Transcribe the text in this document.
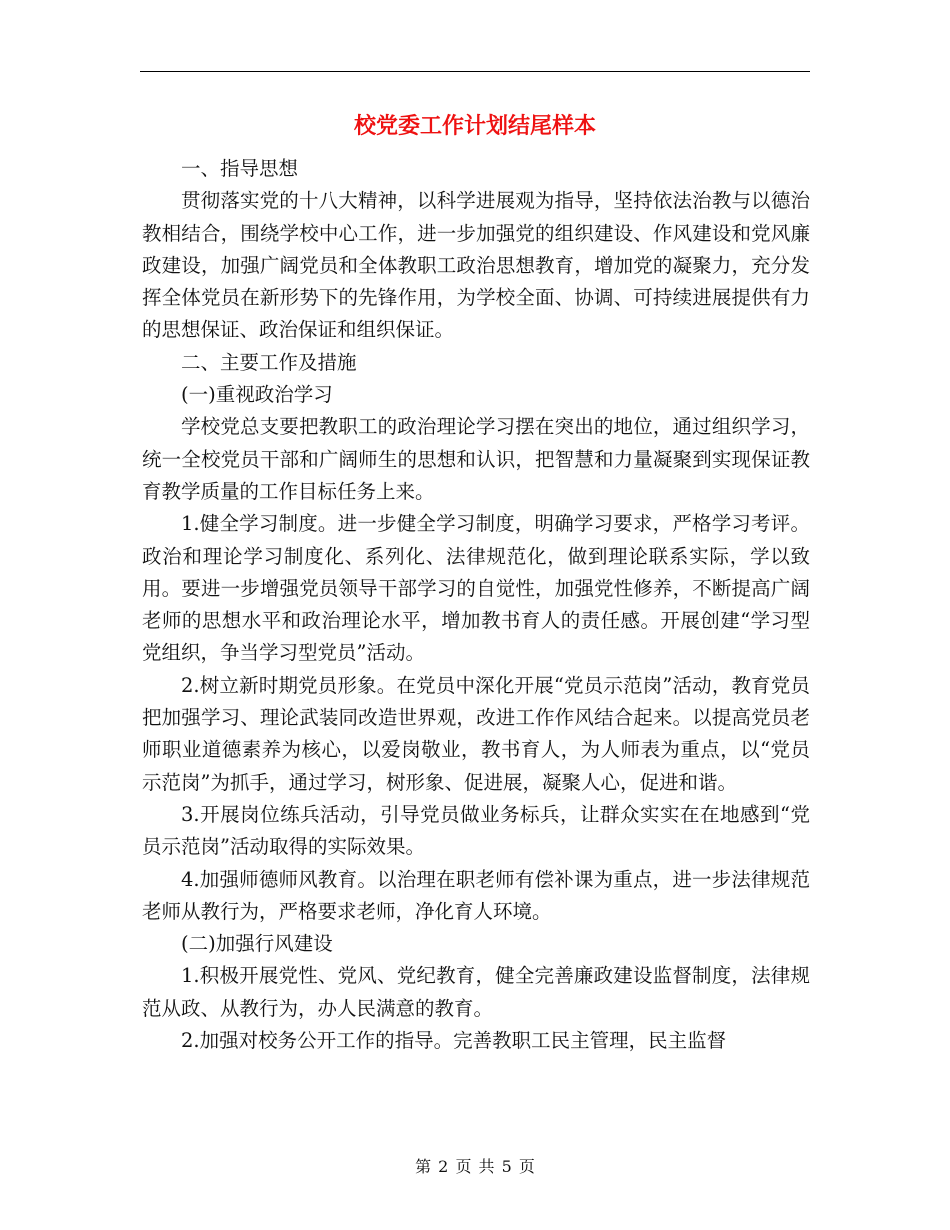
校党委工作计划结尾样本

一、指导思想

贯彻落实党的十八大精神，以科学进展观为指导，坚持依法治教与以德治教相结合，围绕学校中心工作，进一步加强党的组织建设、作风建设和党风廉政建设，加强广阔党员和全体教职工政治思想教育，增加党的凝聚力，充分发挥全体党员在新形势下的先锋作用，为学校全面、协调、可持续进展提供有力的思想保证、政治保证和组织保证。

二、主要工作及措施

(一)重视政治学习

学校党总支要把教职工的政治理论学习摆在突出的地位，通过组织学习，统一全校党员干部和广阔师生的思想和认识，把智慧和力量凝聚到实现保证教育教学质量的工作目标任务上来。

1.健全学习制度。进一步健全学习制度，明确学习要求，严格学习考评。政治和理论学习制度化、系列化、法律规范化，做到理论联系实际，学以致用。要进一步增强党员领导干部学习的自觉性，加强党性修养，不断提高广阔老师的思想水平和政治理论水平，增加教书育人的责任感。开展创建“学习型党组织，争当学习型党员”活动。

2.树立新时期党员形象。在党员中深化开展“党员示范岗”活动，教育党员把加强学习、理论武装同改造世界观，改进工作作风结合起来。以提高党员老师职业道德素养为核心，以爱岗敬业，教书育人，为人师表为重点，以“党员示范岗”为抓手，通过学习，树形象、促进展，凝聚人心，促进和谐。

3.开展岗位练兵活动，引导党员做业务标兵，让群众实实在在地感到“党员示范岗”活动取得的实际效果。

4.加强师德师风教育。以治理在职老师有偿补课为重点，进一步法律规范老师从教行为，严格要求老师，净化育人环境。

(二)加强行风建设

1.积极开展党性、党风、党纪教育，健全完善廉政建设监督制度，法律规范从政、从教行为，办人民满意的教育。

2.加强对校务公开工作的指导。完善教职工民主管理，民主监督

第 2 页 共 5 页
